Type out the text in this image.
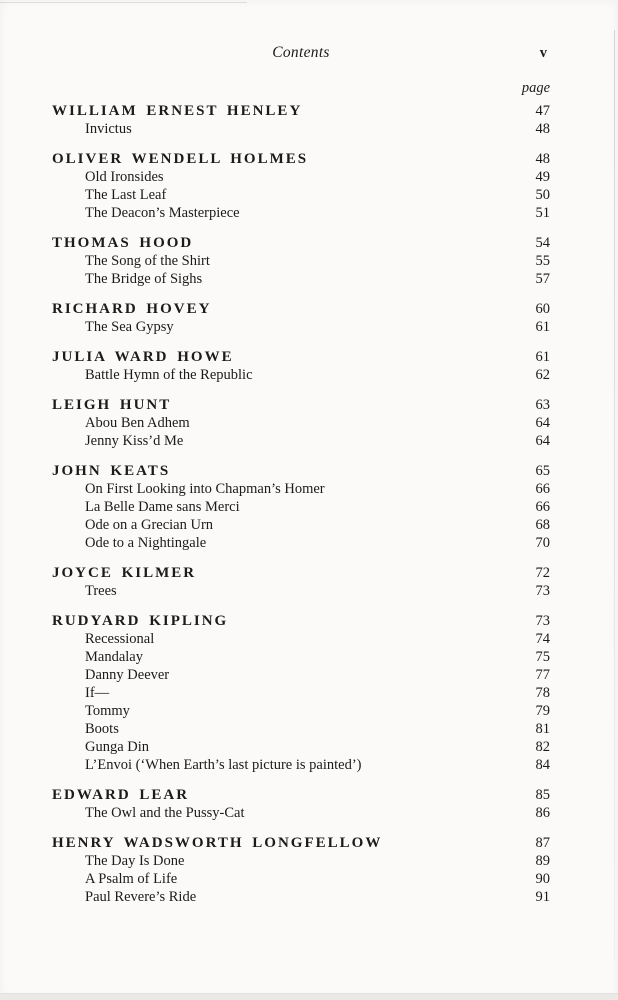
Contents	v
page
WILLIAM ERNEST HENLEY	47
Invictus	48
OLIVER WENDELL HOLMES	48
Old Ironsides	49
The Last Leaf	50
The Deacon’s Masterpiece	51
THOMAS HOOD	54
The Song of the Shirt	55
The Bridge of Sighs	57
RICHARD HOVEY	60
The Sea Gypsy	61
JULIA WARD HOWE	61
Battle Hymn of the Republic	62
LEIGH HUNT	63
Abou Ben Adhem	64
Jenny Kiss’d Me	64
JOHN KEATS	65
On First Looking into Chapman’s Homer	66
La Belle Dame sans Merci	66
Ode on a Grecian Urn	68
Ode to a Nightingale	70
JOYCE KILMER	72
Trees	73
RUDYARD KIPLING	73
Recessional	74
Mandalay	75
Danny Deever	77
If—	78
Tommy	79
Boots	81
Gunga Din	82
L’Envoi (‘When Earth’s last picture is painted’)	84
EDWARD LEAR	85
The Owl and the Pussy-Cat	86
HENRY WADSWORTH LONGFELLOW	87
The Day Is Done	89
A Psalm of Life	90
Paul Revere’s Ride	91
